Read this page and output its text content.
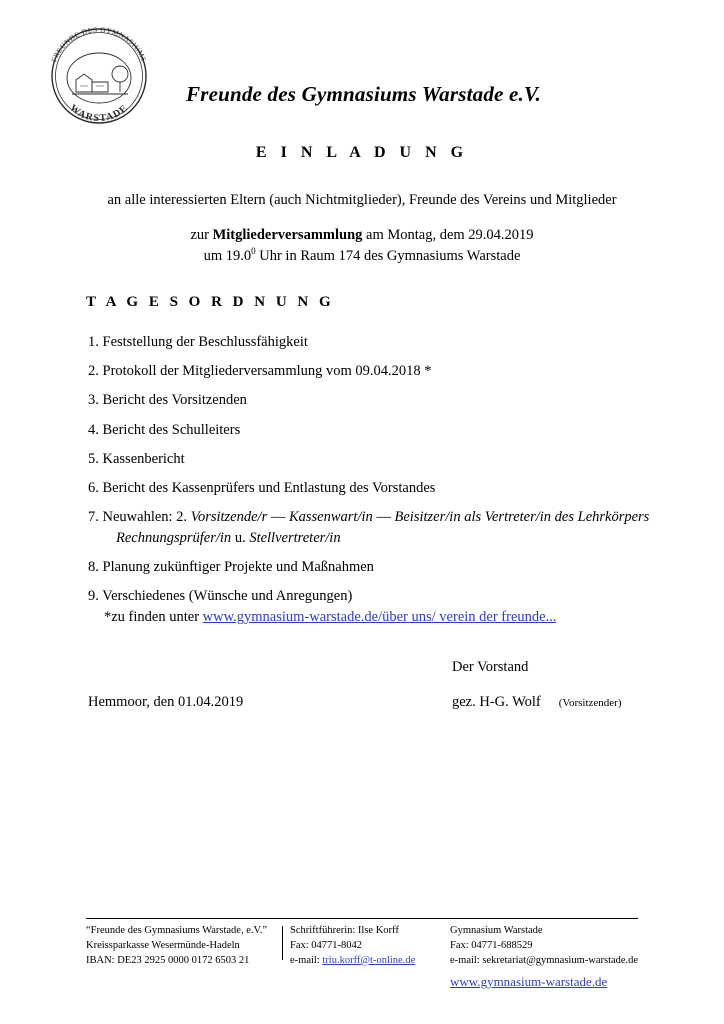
FREUNDE DES GYMNASIUMS
WARSTADE
Freunde des Gymnasiums Warstade e.V.
E I N L A D U N G
an alle interessierten Eltern (auch Nichtmitglieder), Freunde des Vereins und Mitglieder
zur Mitgliederversammlung am Montag, dem 29.04.2019
um 19.0$^0$ Uhr in Raum 174 des Gymnasiums Warstade
T A G E S O R D N U N G
1. Feststellung der Beschlussfähigkeit
2. Protokoll der Mitgliederversammlung vom 09.04.2018 *
3. Bericht des Vorsitzenden
4. Bericht des Schulleiters
5. Kassenbericht
6. Bericht des Kassenprüfers und Entlastung des Vorstandes
7. Neuwahlen: 2. Vorsitzende/r — Kassenwart/in — Beisitzer/in als Vertreter/in des Lehrkörpers
Rechnungsprüfer/in u. Stellvertreter/in
8. Planung zukünftiger Projekte und Maßnahmen
9. Verschiedenes (Wünsche und Anregungen)
*zu finden unter www.gymnasium-warstade.de/über uns/ verein der freunde...
Der Vorstand
Hemmoor, den 01.04.2019	gez. H-G. Wolf (Vorsitzender)
“Freunde des Gymnasiums Warstade, e.V.”
Kreissparkasse Wesermünde-Hadeln
IBAN: DE23 2925 0000 0172 6503 21
Schriftführerin: Ilse Korff
Fax: 04771-8042
e-mail: triu.korff@t-online.de
Gymnasium Warstade
Fax: 04771-688529
e-mail: sekretariat@gymnasium-warstade.de
www.gymnasium-warstade.de
